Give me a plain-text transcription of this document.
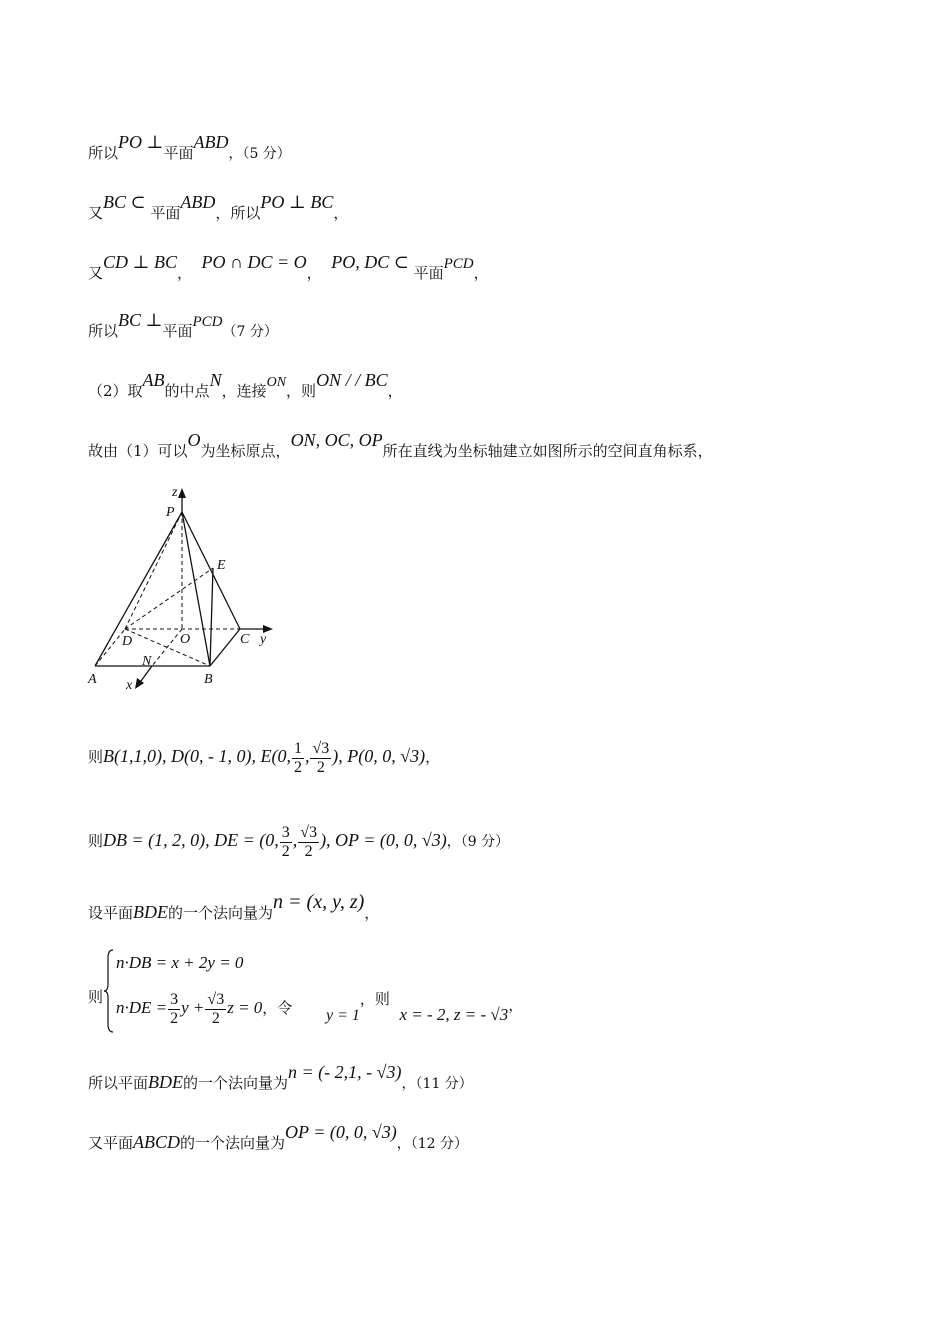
所以PO ⊥平面ABD，（5 分）
又BC ⊂ 平面ABD，所以PO ⊥ BC，
又CD ⊥ BC，  PO ∩ DC = O，  PO, DC ⊂ 平面PCD，
所以BC ⊥平面PCD（7 分）
（2）取AB的中点N，连接ON，则ON / / BC，
故由（1）可以O为坐标原点，ON, OC, OP所在直线为坐标轴建立如图所示的空间直角标系，
z
P
E
D	O	C y
N
A	B
x
则B(1,1,0), D(0, - 1, 0), E(0, $\frac{1}{2}$ , $\frac{√3}{2}$ ), P(0, 0, √3)，
则DB = (1, 2, 0), DE = (0, $\frac{3}{2}$ , $\frac{√3}{2}$ ), OP = (0, 0, √3)，（9 分）
设平面BDE的一个法向量为n = (x, y, z)，
则
n·DB = x + 2y = 0
$n\cdot DE = \frac{3}{2}$ $y + \frac{√3}{2}$ z = 0，令 y = 1，则  x = - 2, z = - √3，
所以平面BDE的一个法向量为n = (- 2,1, - √3)，（11 分）
又平面ABCD的一个法向量为OP = (0, 0, √3)，（12 分）
